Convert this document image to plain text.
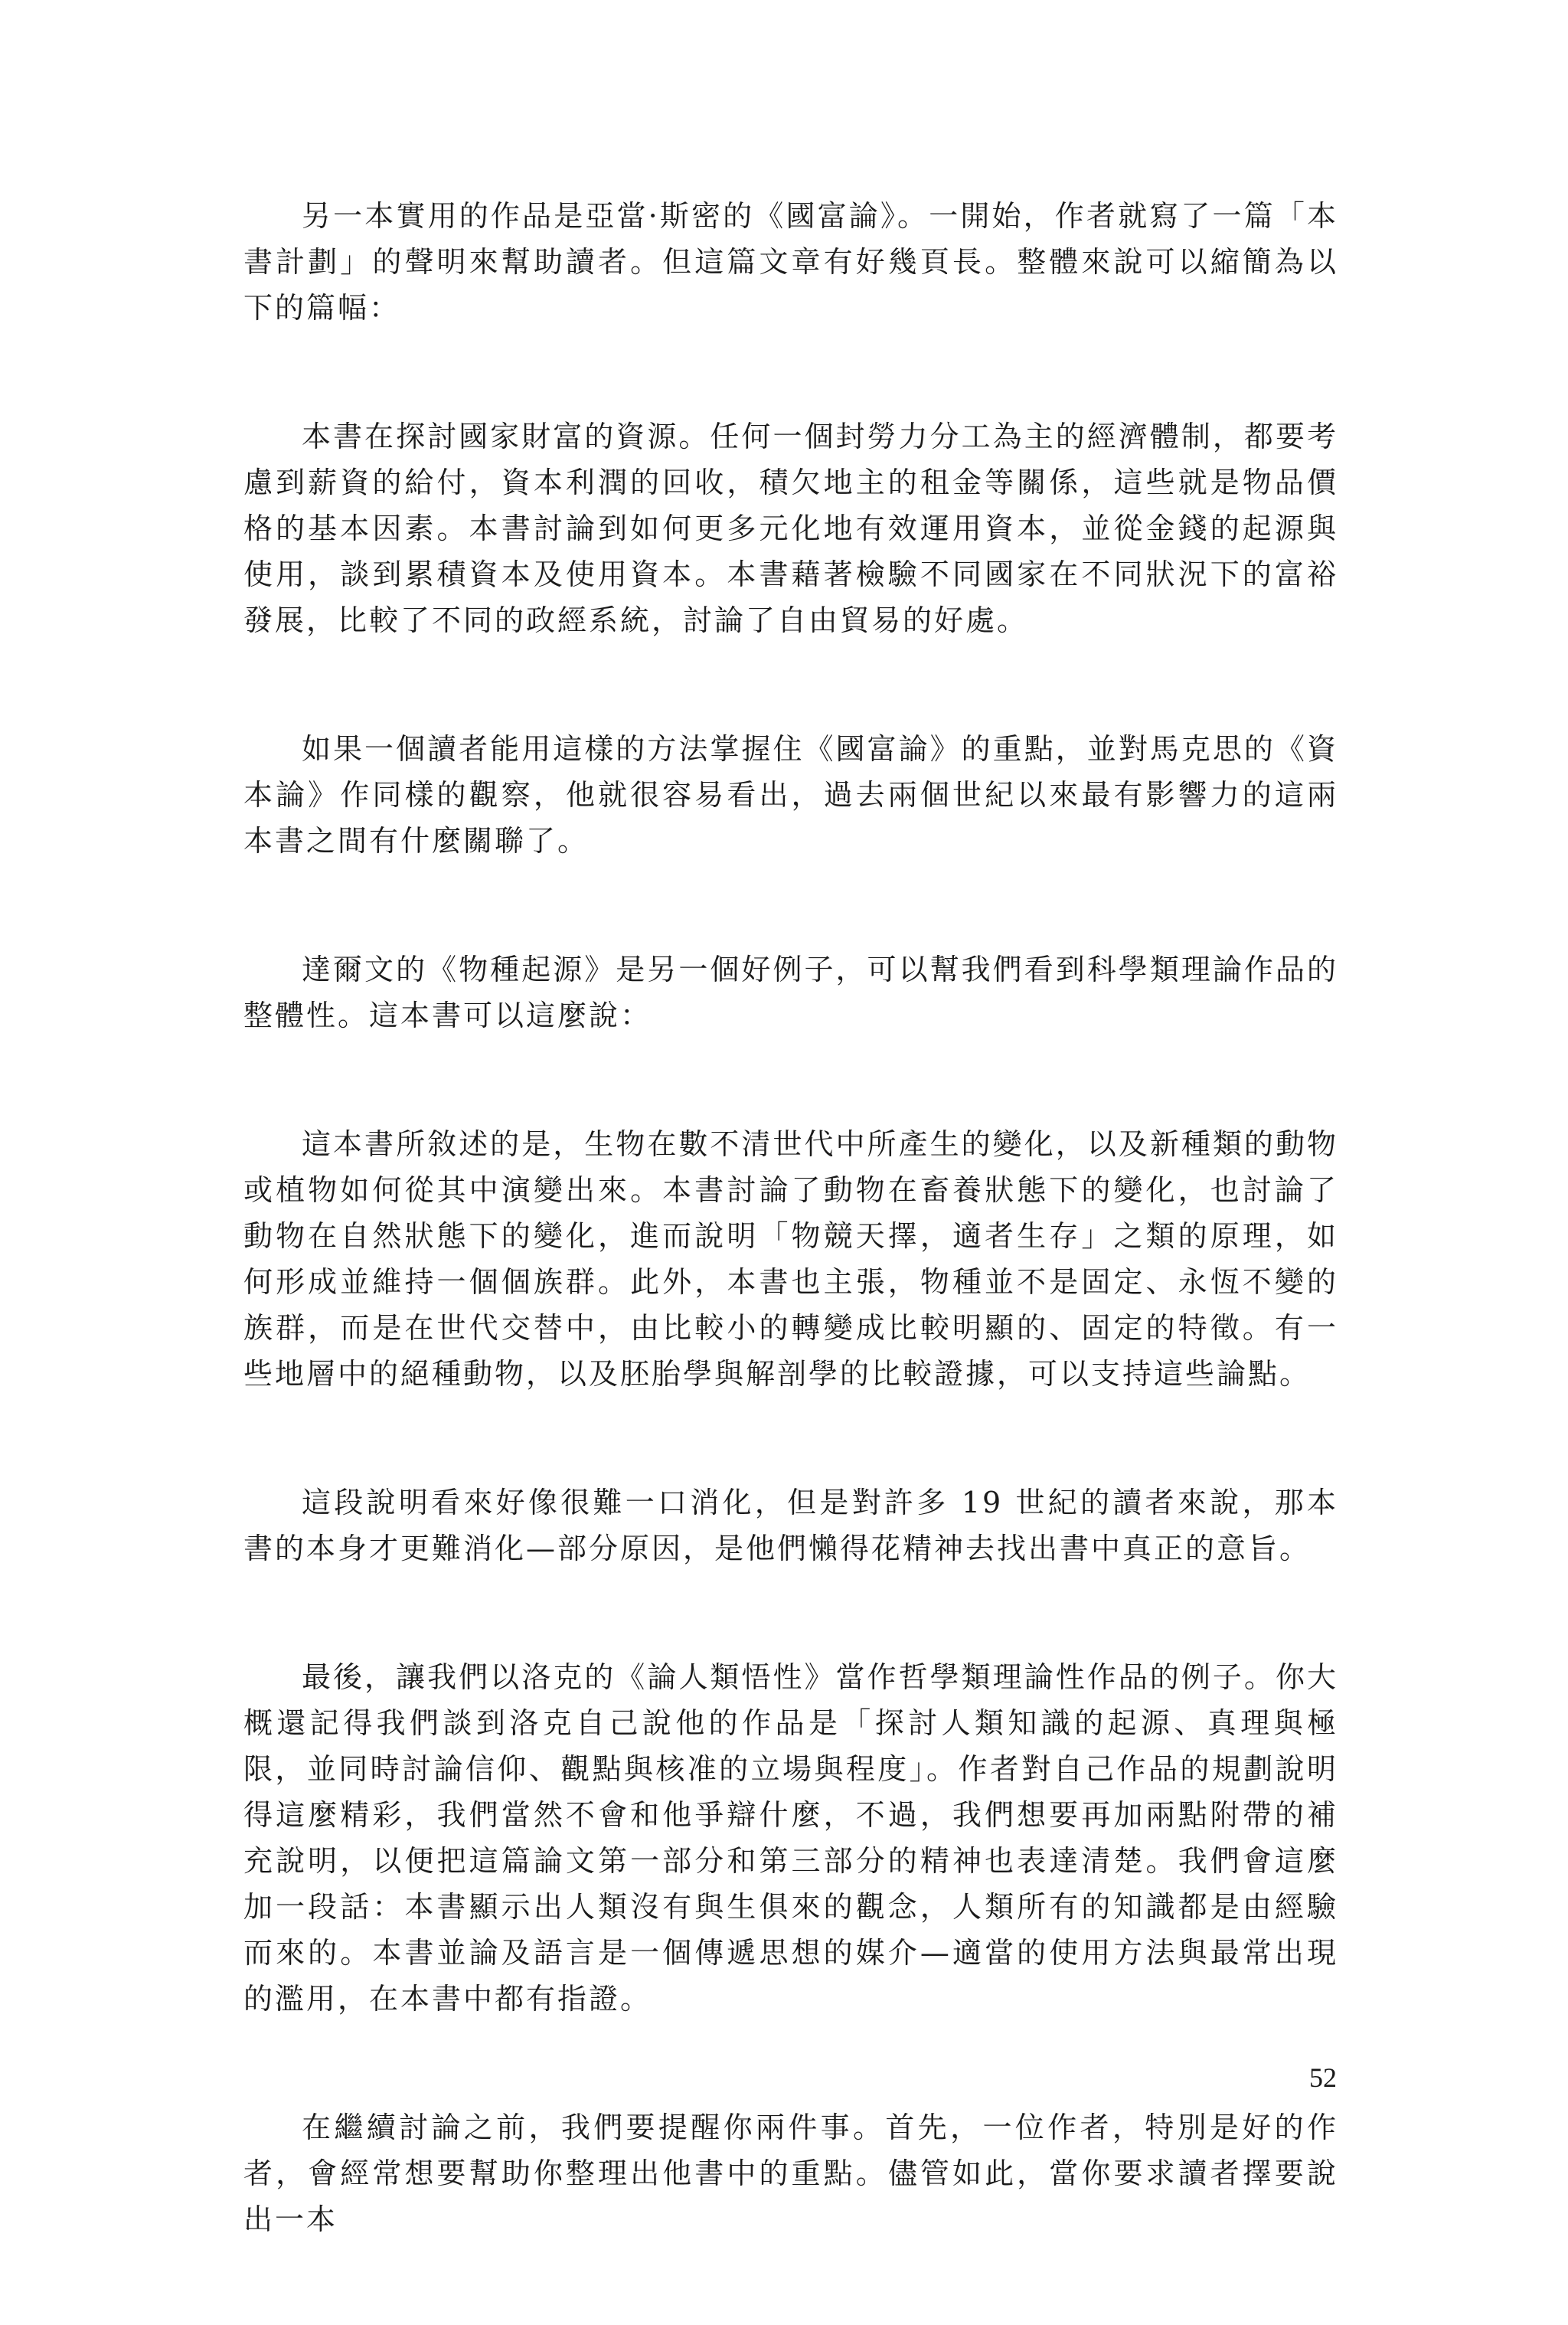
另一本實用的作品是亞當·斯密的《國富論》。一開始，作者就寫了一篇「本書計劃」的聲明來幫助讀者。但這篇文章有好幾頁長。整體來說可以縮簡為以下的篇幅：

本書在探討國家財富的資源。任何一個封勞力分工為主的經濟體制，都要考慮到薪資的給付，資本利潤的回收，積欠地主的租金等關係，這些就是物品價格的基本因素。本書討論到如何更多元化地有效運用資本，並從金錢的起源與使用，談到累積資本及使用資本。本書藉著檢驗不同國家在不同狀況下的富裕發展，比較了不同的政經系統，討論了自由貿易的好處。

如果一個讀者能用這樣的方法掌握住《國富論》的重點，並對馬克思的《資本論》作同樣的觀察，他就很容易看出，過去兩個世紀以來最有影響力的這兩本書之間有什麼關聯了。

達爾文的《物種起源》是另一個好例子，可以幫我們看到科學類理論作品的整體性。這本書可以這麼說：

這本書所敘述的是，生物在數不清世代中所產生的變化，以及新種類的動物或植物如何從其中演變出來。本書討論了動物在畜養狀態下的變化，也討論了動物在自然狀態下的變化，進而說明「物競天擇，適者生存」之類的原理，如何形成並維持一個個族群。此外，本書也主張，物種並不是固定、永恆不變的族群，而是在世代交替中，由比較小的轉變成比較明顯的、固定的特徵。有一些地層中的絕種動物，以及胚胎學與解剖學的比較證據，可以支持這些論點。

這段說明看來好像很難一口消化，但是對許多 19 世紀的讀者來說，那本書的本身才更難消化—部分原因，是他們懶得花精神去找出書中真正的意旨。

最後，讓我們以洛克的《論人類悟性》當作哲學類理論性作品的例子。你大概還記得我們談到洛克自己說他的作品是「探討人類知識的起源、真理與極限，並同時討論信仰、觀點與核准的立場與程度」。作者對自己作品的規劃說明得這麼精彩，我們當然不會和他爭辯什麼，不過，我們想要再加兩點附帶的補充說明，以便把這篇論文第一部分和第三部分的精神也表達清楚。我們會這麼加一段話：本書顯示出人類沒有與生俱來的觀念，人類所有的知識都是由經驗而來的。本書並論及語言是一個傳遞思想的媒介—適當的使用方法與最常出現的濫用，在本書中都有指證。

在繼續討論之前，我們要提醒你兩件事。首先，一位作者，特別是好的作者，會經常想要幫助你整理出他書中的重點。儘管如此，當你要求讀者擇要說出一本

52
